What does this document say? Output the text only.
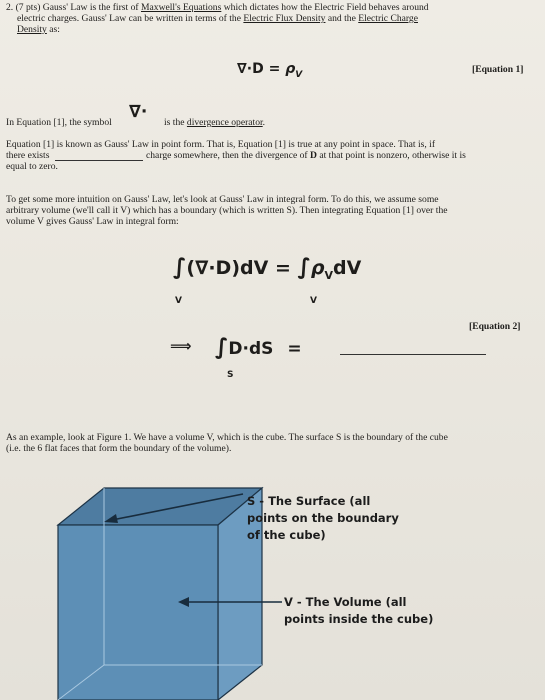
2. (7 pts) Gauss' Law is the first of Maxwell's Equations which dictates how the Electric Field behaves around
electric charges. Gauss' Law can be written in terms of the Electric Flux Density and the Electric Charge
Density as:
$\nabla\cdot D = \rho_V$	[Equation 1]
In Equation [1], the symbol
∇·
is the divergence operator.
Equation [1] is known as Gauss' Law in point form. That is, Equation [1] is true at any point in space. That is, if
there exists	charge somewhere, then the divergence of D at that point is nonzero, otherwise it is
equal to zero.
To get some more intuition on Gauss' Law, let's look at Gauss' Law in integral form. To do this, we assume some
arbitrary volume (we'll call it V) which has a boundary (which is written S). Then integrating Equation [1] over the
volume V gives Gauss' Law in integral form:
$\int(\nabla\cdot D)dV = \int\rho_VdV$
V	V
[Equation 2]
⟹ ∫D·dS =
S
As an example, look at Figure 1. We have a volume V, which is the cube. The surface S is the boundary of the cube
(i.e. the 6 flat faces that form the boundary of the volume).
S - The Surface (all
points on the boundary
of the cube)
V - The Volume (all
points inside the cube)
